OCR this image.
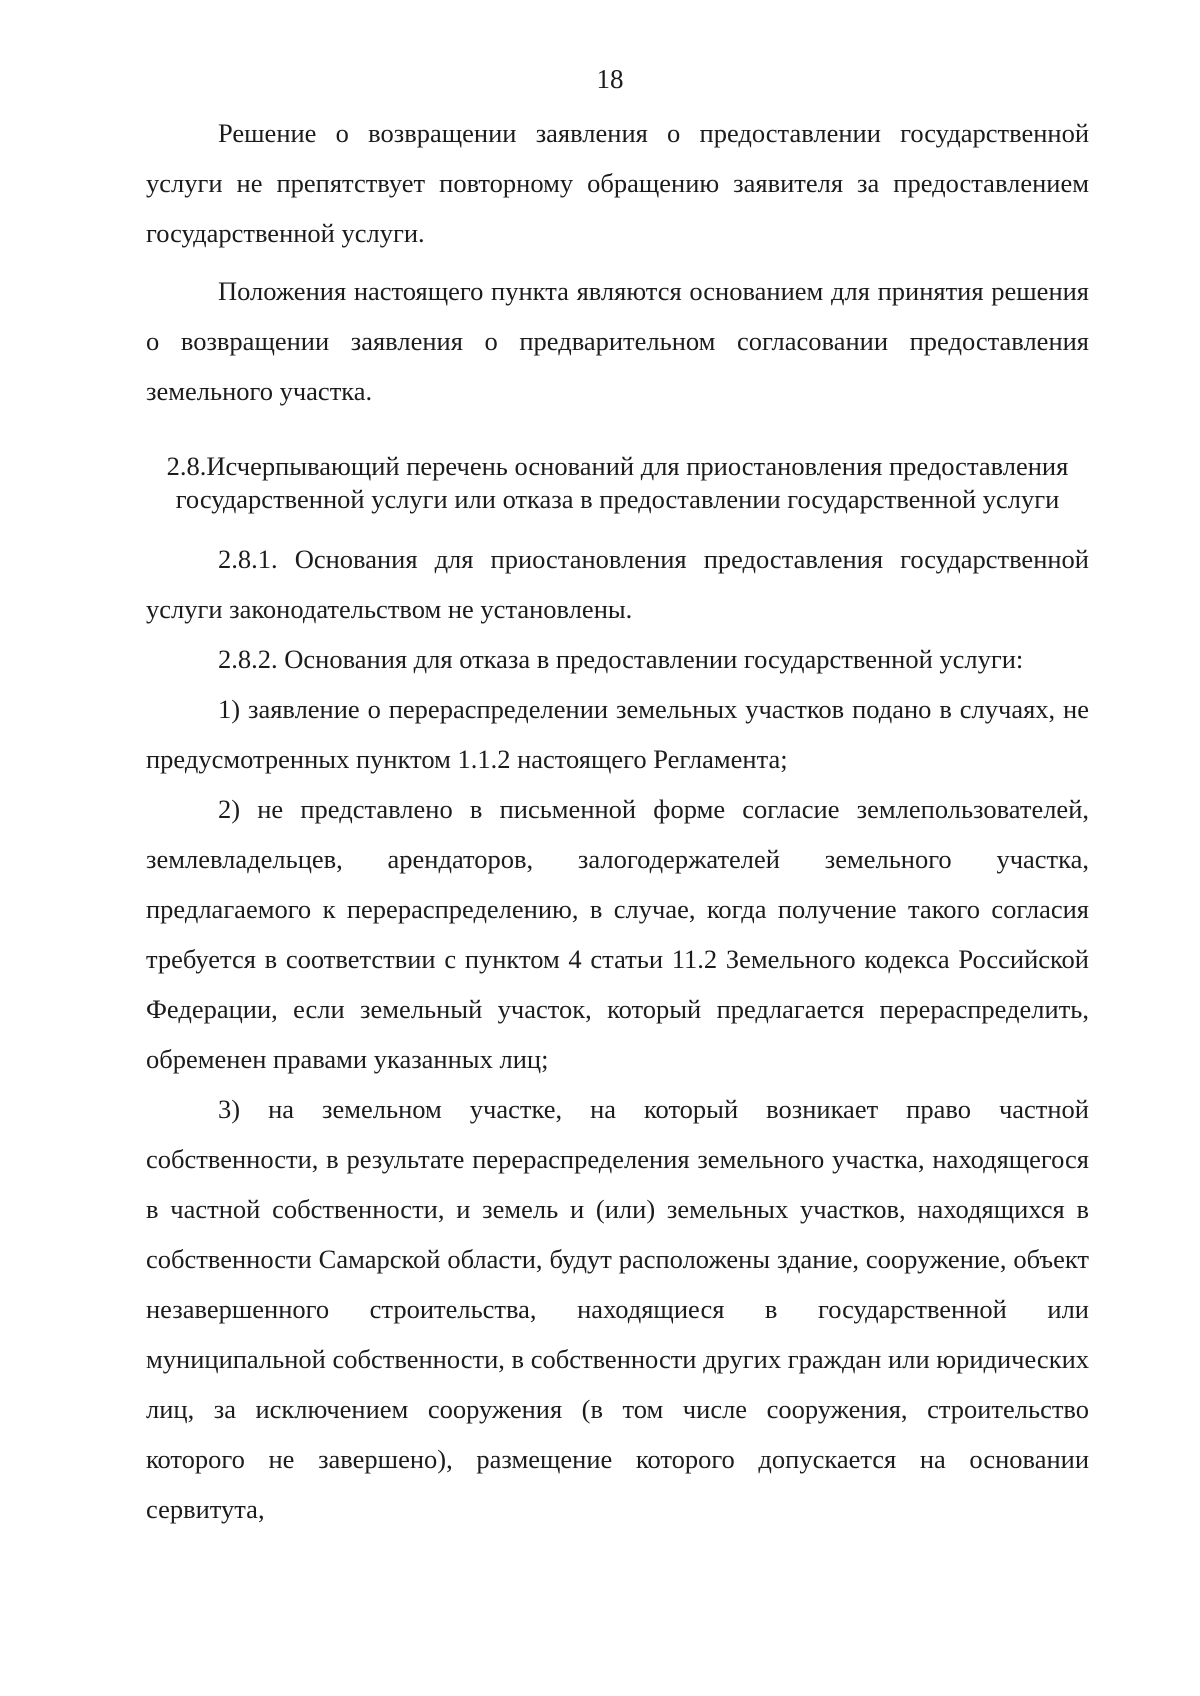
18

Решение о возвращении заявления о предоставлении государственной услуги не препятствует повторному обращению заявителя за предоставлением государственной услуги.

Положения настоящего пункта являются основанием для принятия решения о возвращении заявления о предварительном согласовании предоставления земельного участка.

2.8.Исчерпывающий перечень оснований для приостановления предоставления государственной услуги или отказа в предоставлении государственной услуги

2.8.1. Основания для приостановления предоставления государственной услуги законодательством не установлены.

2.8.2. Основания для отказа в предоставлении государственной услуги:

1) заявление о перераспределении земельных участков подано в случаях, не предусмотренных пунктом 1.1.2 настоящего Регламента;

2) не представлено в письменной форме согласие землепользователей, землевладельцев, арендаторов, залогодержателей земельного участка, предлагаемого к перераспределению, в случае, когда получение такого согласия требуется в соответствии с пунктом 4 статьи 11.2 Земельного кодекса Российской Федерации, если земельный участок, который предлагается перераспределить, обременен правами указанных лиц;

3) на земельном участке, на который возникает право частной собственности, в результате перераспределения земельного участка, находящегося в частной собственности, и земель и (или) земельных участков, находящихся в собственности Самарской области, будут расположены здание, сооружение, объект незавершенного строительства, находящиеся в государственной или муниципальной собственности, в собственности других граждан или юридических лиц, за исключением сооружения (в том числе сооружения, строительство которого не завершено), размещение которого допускается на основании сервитута,
